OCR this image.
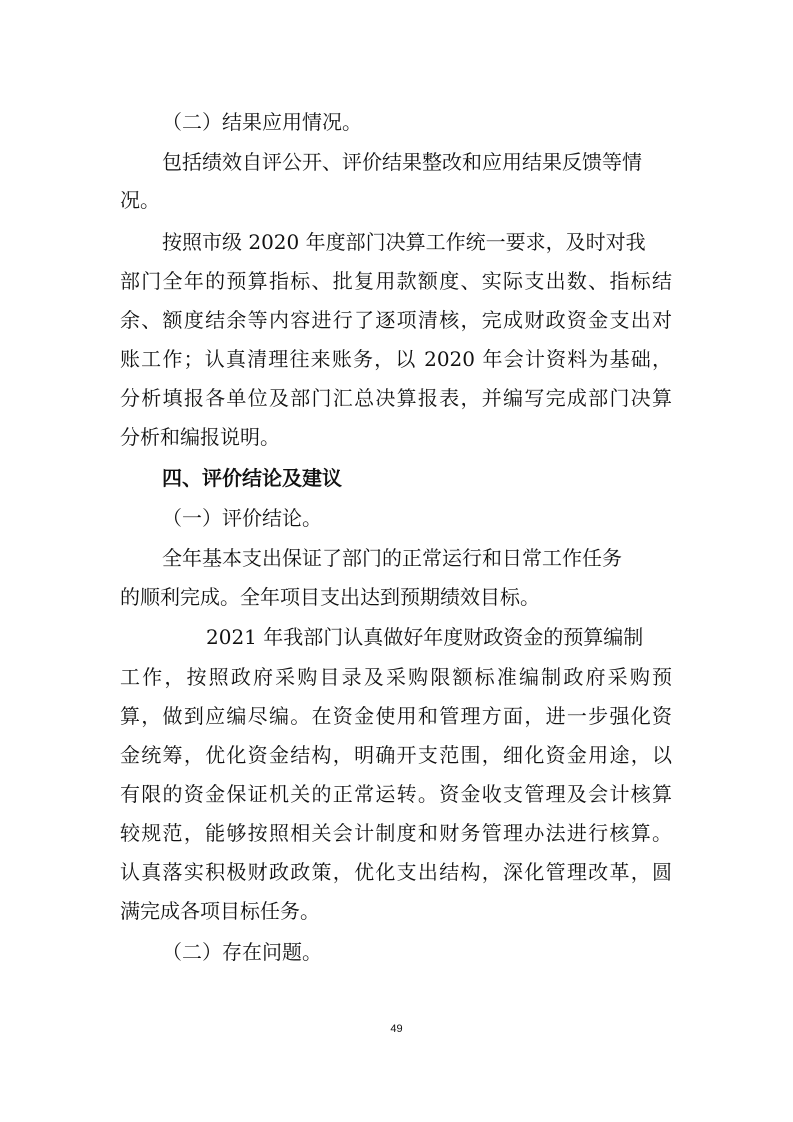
（二）结果应用情况。
包括绩效自评公开、评价结果整改和应用结果反馈等情
况。
按照市级 2020 年度部门决算工作统一要求，及时对我
部门全年的预算指标、批复用款额度、实际支出数、指标结
余、额度结余等内容进行了逐项清核，完成财政资金支出对
账工作；认真清理往来账务，以 2020 年会计资料为基础，
分析填报各单位及部门汇总决算报表，并编写完成部门决算
分析和编报说明。
四、评价结论及建议
（一）评价结论。
全年基本支出保证了部门的正常运行和日常工作任务
的顺利完成。全年项目支出达到预期绩效目标。
2021 年我部门认真做好年度财政资金的预算编制
工作，按照政府采购目录及采购限额标准编制政府采购预
算，做到应编尽编。在资金使用和管理方面，进一步强化资
金统筹，优化资金结构，明确开支范围，细化资金用途，以
有限的资金保证机关的正常运转。资金收支管理及会计核算
较规范，能够按照相关会计制度和财务管理办法进行核算。
认真落实积极财政政策，优化支出结构，深化管理改革，圆
满完成各项目标任务。
（二）存在问题。
49
